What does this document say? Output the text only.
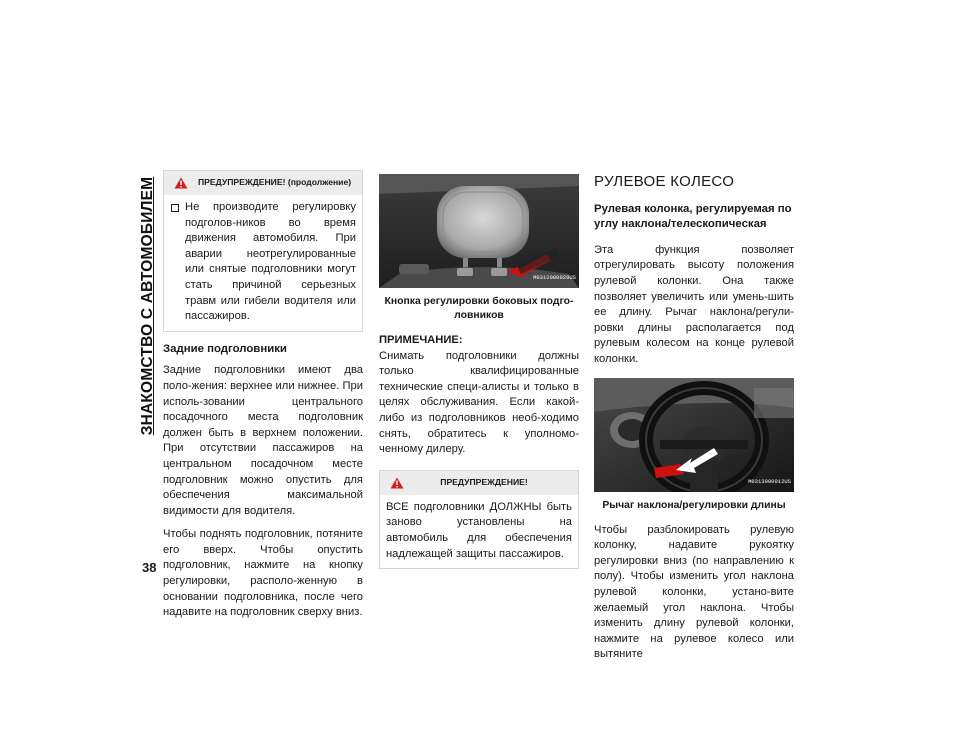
ЗНАКОМСТВО С АВТОМОБИЛЕМ
38
ПРЕДУПРЕЖДЕНИЕ! (продолжение)
Не производите регулировку подголов-ников во время движения автомобиля. При аварии неотрегулированные или снятые подголовники могут стать причиной серьезных травм или гибели водителя или пассажиров.
Задние подголовники

Задние подголовники имеют два поло-жения: верхнее или нижнее. При исполь-зовании центрального посадочного места подголовник должен быть в верхнем положении. При отсутствии пассажиров на центральном посадочном месте подголовник можно опустить для обеспечения максимальной видимости для водителя.

Чтобы поднять подголовник, потяните его вверх. Чтобы опустить подголовник, нажмите на кнопку регулировки, располо-женную в основании подголовника, после чего надавите на подголовник сверху вниз.

M0312000029US
Кнопка регулировки боковых подго-ловников
ПРИМЕЧАНИЕ:

Снимать подголовники должны только квалифицированные технические специ-алисты и только в целях обслуживания. Если какой-либо из подголовников необ-ходимо снять, обратитесь к уполномо-ченному дилеру.

ПРЕДУПРЕЖДЕНИЕ!
ВСЕ подголовники ДОЛЖНЫ быть заново установлены на автомобиль для обеспечения надлежащей защиты пассажиров.
РУЛЕВОЕ КОЛЕСО
Рулевая колонка, регулируемая по углу наклона/телескопическая

Эта функция позволяет отрегулировать высоту положения рулевой колонки. Она также позволяет увеличить или умень-шить ее длину. Рычаг наклона/регули-ровки длины располагается под рулевым колесом на конце рулевой колонки.

M0313000012US
Рычаг наклона/регулировки длины

Чтобы разблокировать рулевую колонку, надавите рукоятку регулировки вниз (по направлению к полу). Чтобы изменить угол наклона рулевой колонки, устано-вите желаемый угол наклона. Чтобы изменить длину рулевой колонки, нажмите на рулевое колесо или вытяните
